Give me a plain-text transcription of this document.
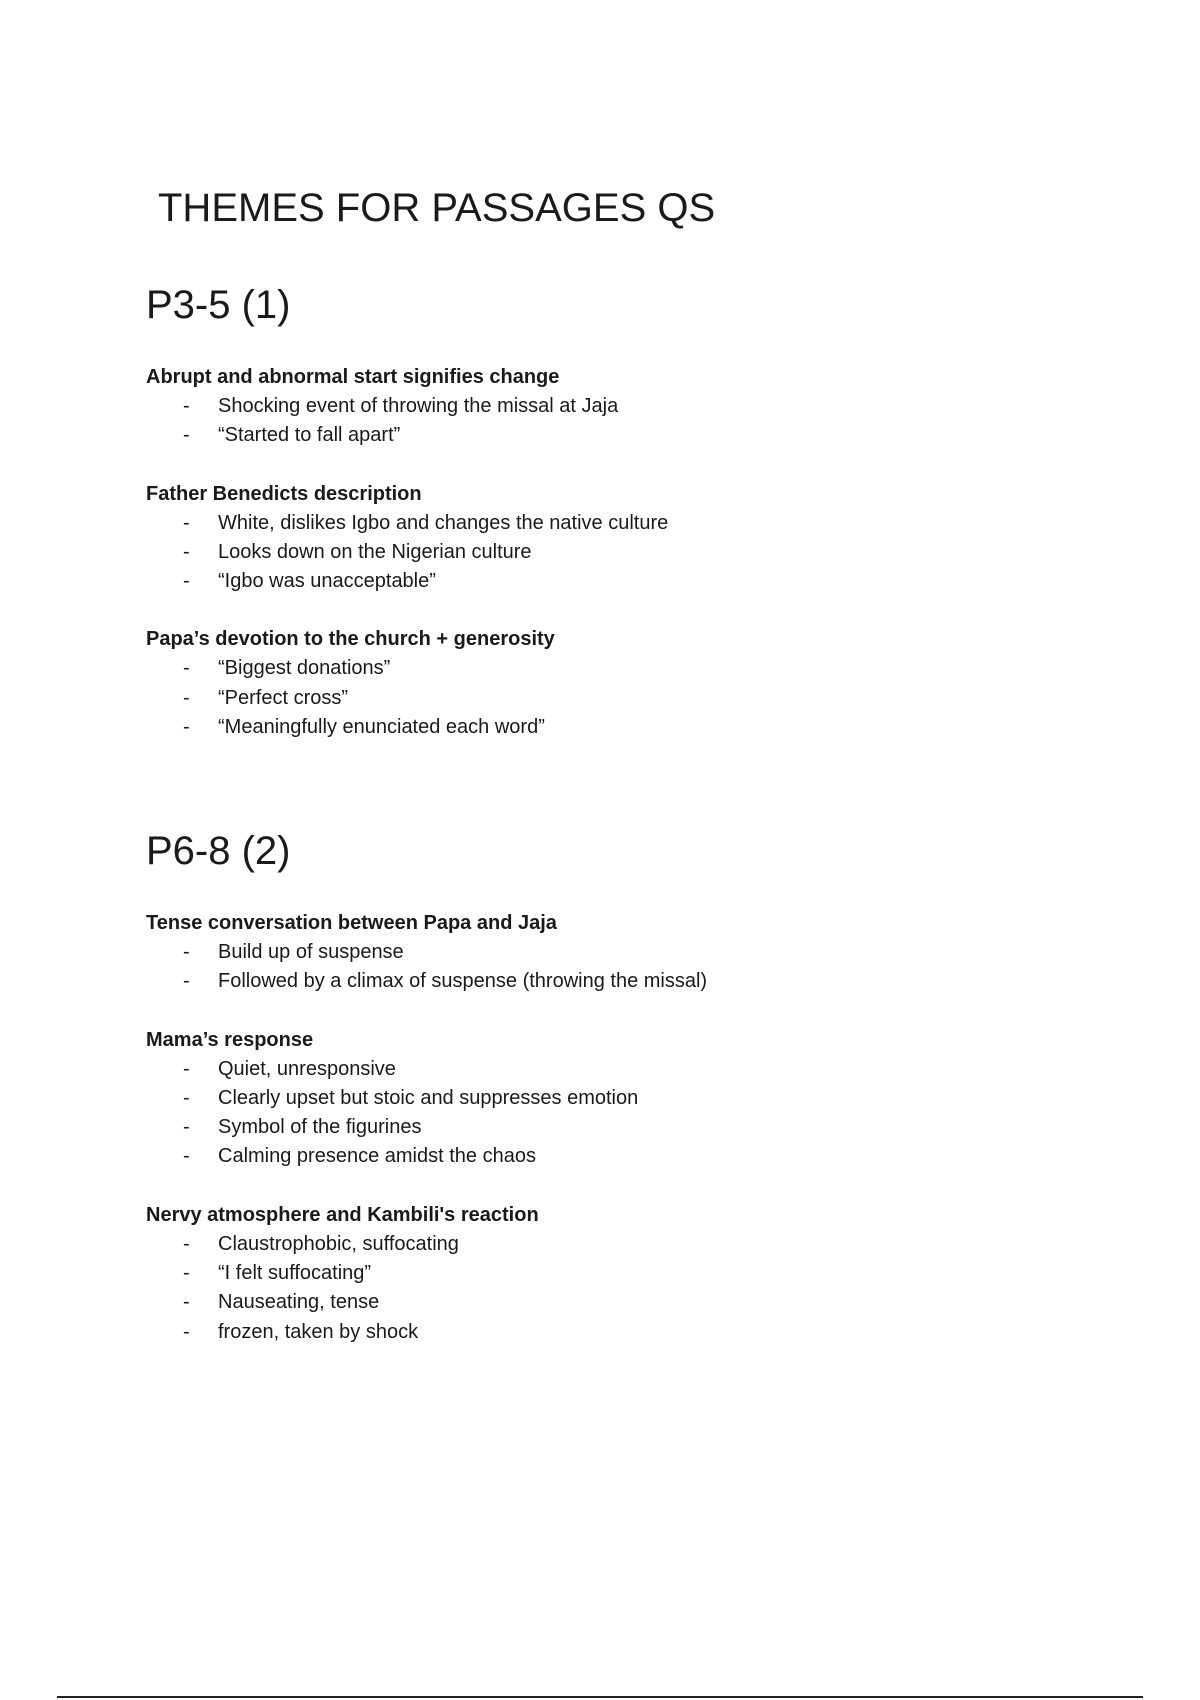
THEMES FOR PASSAGES QS
P3-5 (1)

Abrupt and abnormal start signifies change

- Shocking event of throwing the missal at Jaja
- “Started to fall apart”

Father Benedicts description

- White, dislikes Igbo and changes the native culture
- Looks down on the Nigerian culture
- “Igbo was unacceptable”

Papa’s devotion to the church + generosity

- “Biggest donations”
- “Perfect cross”
- “Meaningfully enunciated each word”
P6-8 (2)

Tense conversation between Papa and Jaja

- Build up of suspense
- Followed by a climax of suspense (throwing the missal)

Mama’s response

- Quiet, unresponsive
- Clearly upset but stoic and suppresses emotion
- Symbol of the figurines
- Calming presence amidst the chaos

Nervy atmosphere and Kambili's reaction

- Claustrophobic, suffocating
- “I felt suffocating”
- Nauseating, tense
- frozen, taken by shock
